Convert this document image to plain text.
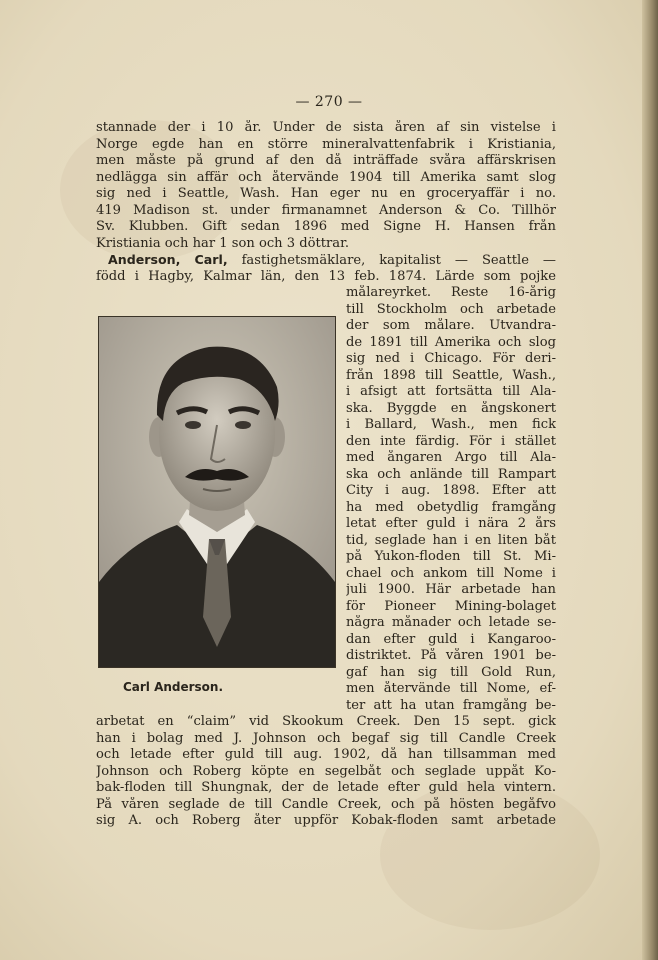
— 270 —
stannade der i 10 år. Under de sista åren af sin vistelse i
Norge egde han en större mineralvattenfabrik i Kristiania,
men måste på grund af den då inträffade svåra affärskrisen
nedlägga sin affär och återvände 1904 till Amerika samt slog
sig ned i Seattle, Wash. Han eger nu en groceryaffär i no.
419 Madison st. under firmanamnet Anderson & Co. Tillhör
Sv. Klubben. Gift sedan 1896 med Signe H. Hansen från
Kristiania och har 1 son och 3 döttrar.
Anderson, Carl, fastighetsmäklare, kapitalist — Seattle —
född i Hagby, Kalmar län, den 13 feb. 1874. Lärde som pojke
målareyrket. Reste 16-årig
till Stockholm och arbetade
der som målare. Utvandra-
de 1891 till Amerika och slog
sig ned i Chicago. För deri-
från 1898 till Seattle, Wash.,
i afsigt att fortsätta till Ala-
ska. Byggde en ångskonert
i Ballard, Wash., men fick
den inte färdig. För i stället
med ångaren Argo till Ala-
ska och anlände till Rampart
City i aug. 1898. Efter att
ha med obetydlig framgång
letat efter guld i nära 2 års
tid, seglade han i en liten båt
på Yukon-floden till St. Mi-
chael och ankom till Nome i
juli 1900. Här arbetade han
för Pioneer Mining-bolaget
några månader och letade se-
dan efter guld i Kangaroo-
distriktet. På våren 1901 be-
gaf han sig till Gold Run,
men återvände till Nome, ef-
ter att ha utan framgång be-
arbetat en “claim” vid Skookum Creek. Den 15 sept. gick
han i bolag med J. Johnson och begaf sig till Candle Creek
och letade efter guld till aug. 1902, då han tillsamman med
Johnson och Roberg köpte en segelbåt och seglade uppåt Ko-
bak-floden till Shungnak, der de letade efter guld hela vintern.
På våren seglade de till Candle Creek, och på hösten begåfvo
sig A. och Roberg åter uppför Kobak-floden samt arbetade
Carl Anderson.
